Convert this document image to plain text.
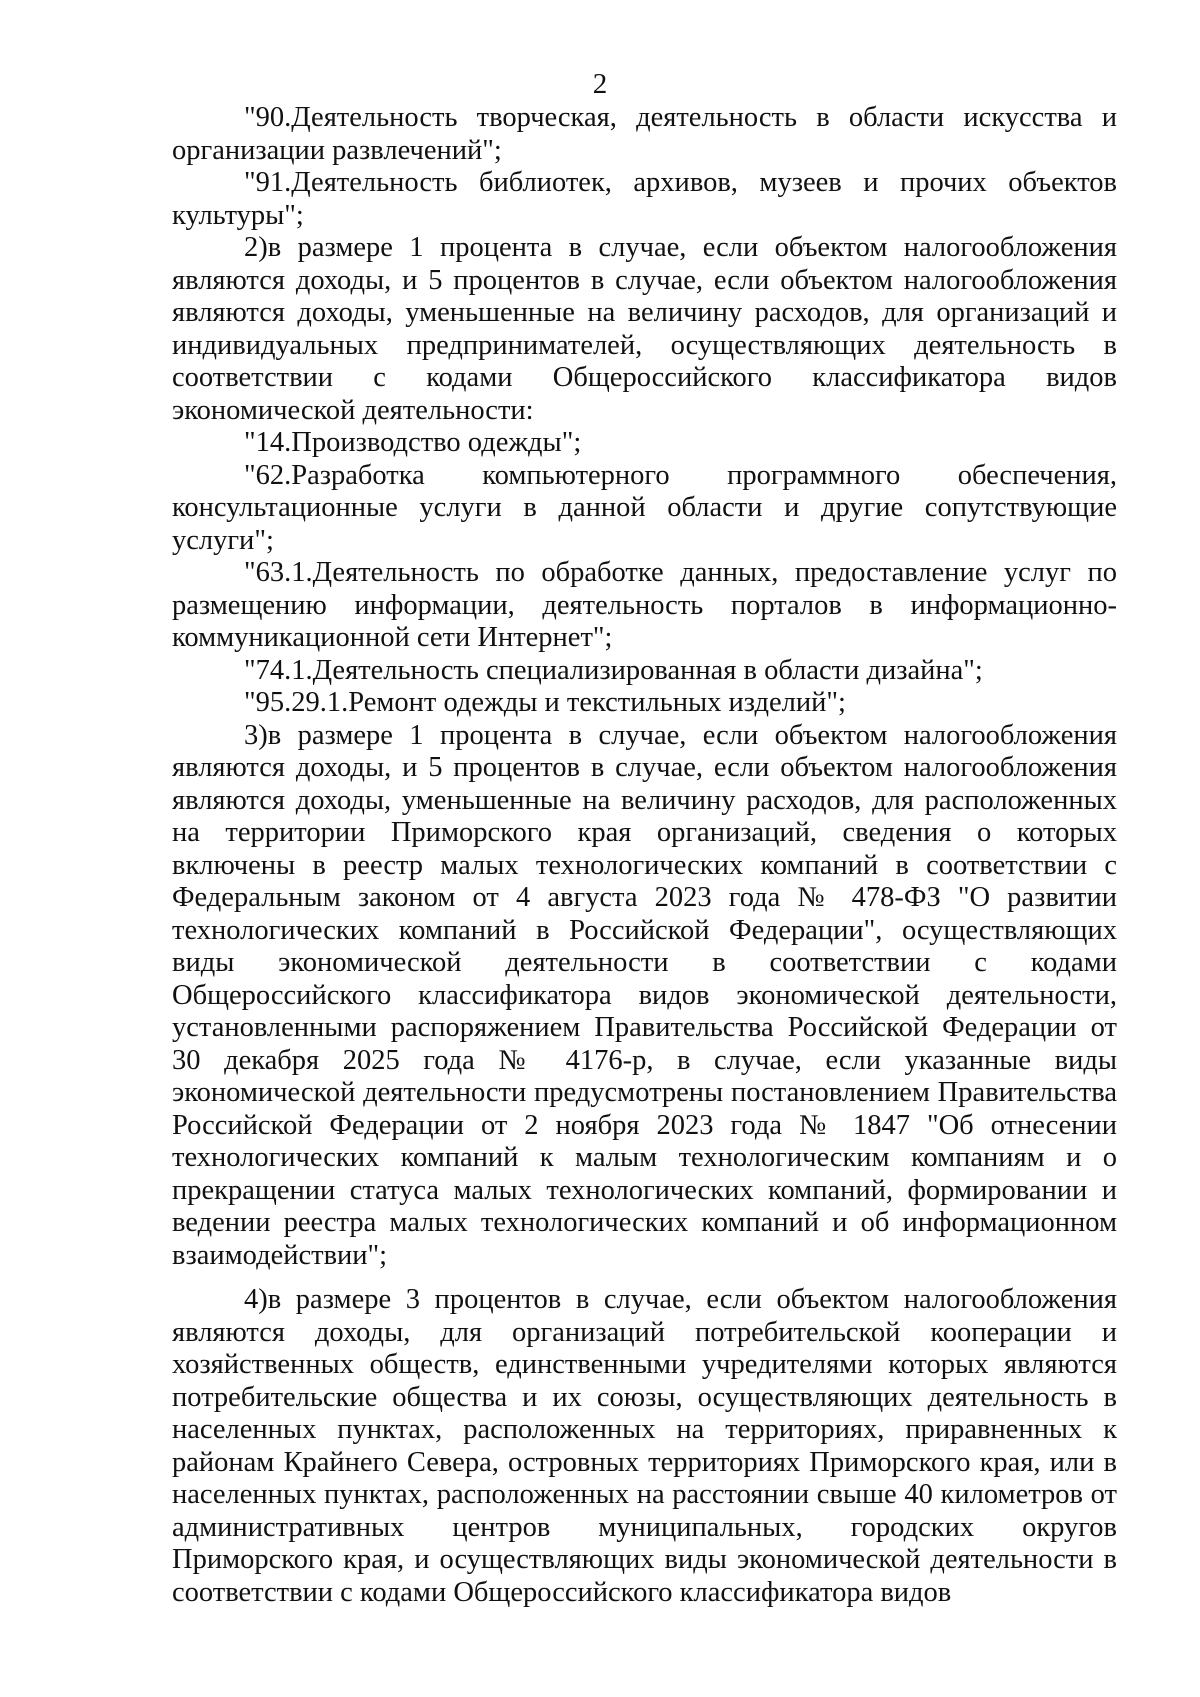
2

"90.Деятельность творческая, деятельность в области искусства и организации развлечений";

"91.Деятельность библиотек, архивов, музеев и прочих объектов культуры";

2)в размере 1 процента в случае, если объектом налогообложения являются доходы, и 5 процентов в случае, если объектом налогообложения являются доходы, уменьшенные на величину расходов, для организаций и индивидуальных предпринимателей, осуществляющих деятельность в соответствии с кодами Общероссийского классификатора видов экономической деятельности:

"14.Производство одежды";

"62.Разработка компьютерного программного обеспечения, консультационные услуги в данной области и другие сопутствующие услуги";

"63.1.Деятельность по обработке данных, предоставление услуг по размещению информации, деятельность порталов в информационно-коммуникационной сети Интернет";

"74.1.Деятельность специализированная в области дизайна";

"95.29.1.Ремонт одежды и текстильных изделий";

3)в размере 1 процента в случае, если объектом налогообложения являются доходы, и 5 процентов в случае, если объектом налогообложения являются доходы, уменьшенные на величину расходов, для расположенных на территории Приморского края организаций, сведения о которых включены в реестр малых технологических компаний в соответствии с Федеральным законом от 4 августа 2023 года № 478-ФЗ "О развитии технологических компаний в Российской Федерации", осуществляющих виды экономической деятельности в соответствии с кодами Общероссийского классификатора видов экономической деятельности, установленными распоряжением Правительства Российской Федерации от 30 декабря 2025 года № 4176-р, в случае, если указанные виды экономической деятельности предусмотрены постановлением Правительства Российской Федерации от 2 ноября 2023 года № 1847 "Об отнесении технологических компаний к малым технологическим компаниям и о прекращении статуса малых технологических компаний, формировании и ведении реестра малых технологических компаний и об информационном взаимодействии";

4)в размере 3 процентов в случае, если объектом налогообложения являются доходы, для организаций потребительской кооперации и хозяйственных обществ, единственными учредителями которых являются потребительские общества и их союзы, осуществляющих деятельность в населенных пунктах, расположенных на территориях, приравненных к районам Крайнего Севера, островных территориях Приморского края, или в населенных пунктах, расположенных на расстоянии свыше 40 километров от административных центров муниципальных, городских округов Приморского края, и осуществляющих виды экономической деятельности в соответствии с кодами Общероссийского классификатора видов
